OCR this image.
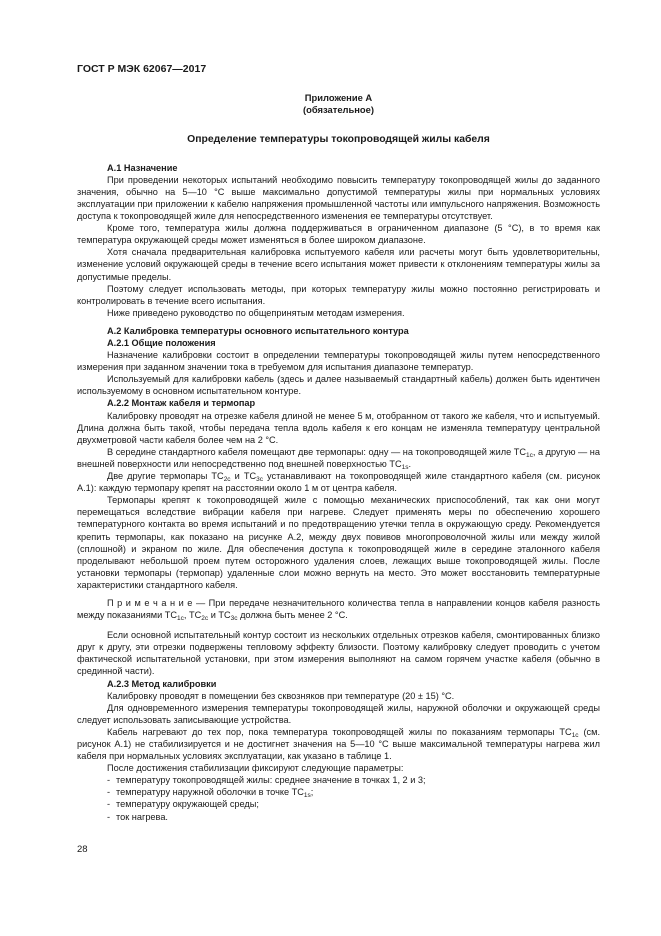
ГОСТ Р МЭК 62067—2017
Приложение А
(обязательное)
Определение температуры токопроводящей жилы кабеля
А.1 Назначение

При проведении некоторых испытаний необходимо повысить температуру токопроводящей жилы до заданного значения, обычно на 5—10 °С выше максимально допустимой температуры жилы при нормальных условиях эксплуатации при приложении к кабелю напряжения промышленной частоты или импульсного напряжения. Возможность доступа к токопроводящей жиле для непосредственного изменения ее температуры отсутствует.

Кроме того, температура жилы должна поддерживаться в ограниченном диапазоне (5 °С), в то время как температура окружающей среды может изменяться в более широком диапазоне.

Хотя сначала предварительная калибровка испытуемого кабеля или расчеты могут быть удовлетворительны, изменение условий окружающей среды в течение всего испытания может привести к отклонениям температуры жилы за допустимые пределы.

Поэтому следует использовать методы, при которых температуру жилы можно постоянно регистрировать и контролировать в течение всего испытания.

Ниже приведено руководство по общепринятым методам измерения.

А.2 Калибровка температуры основного испытательного контура
А.2.1 Общие положения

Назначение калибровки состоит в определении температуры токопроводящей жилы путем непосредственного измерения при заданном значении тока в требуемом для испытания диапазоне температур.

Используемый для калибровки кабель (здесь и далее называемый стандартный кабель) должен быть идентичен используемому в основном испытательном контуре.

А.2.2 Монтаж кабеля и термопар

Калибровку проводят на отрезке кабеля длиной не менее 5 м, отобранном от такого же кабеля, что и испытуемый. Длина должна быть такой, чтобы передача тепла вдоль кабеля к его концам не изменяла температуру центральной двухметровой части кабеля более чем на 2 °С.

В середине стандартного кабеля помещают две термопары: одну — на токопроводящей жиле $ТС_{1с}$, а другую — на внешней поверхности или непосредственно под внешней поверхностью $ТС_{1s}$.

Две другие термопары $ТС_{2с}$ и $ТС_{3с}$ устанавливают на токопроводящей жиле стандартного кабеля (см. рисунок А.1): каждую термопару крепят на расстоянии около 1 м от центра кабеля.

Термопары крепят к токопроводящей жиле с помощью механических приспособлений, так как они могут перемещаться вследствие вибрации кабеля при нагреве. Следует применять меры по обеспечению хорошего температурного контакта во время испытаний и по предотвращению утечки тепла в окружающую среду. Рекомендуется крепить термопары, как показано на рисунке А.2, между двух повивов многопроволочной жилы или между жилой (сплошной) и экраном по жиле. Для обеспечения доступа к токопроводящей жиле в середине эталонного кабеля проделывают небольшой проем путем осторожного удаления слоев, лежащих выше токопроводящей жилы. После установки термопары (термопар) удаленные слои можно вернуть на место. Это может восстановить температурные характеристики стандартного кабеля.

П р и м е ч а н и е — При передаче незначительного количества тепла в направлении концов кабеля разность между показаниями $ТС_{1с}$, $ТС_{2с}$ и $ТС_{3с}$ должна быть менее 2 °С.

Если основной испытательный контур состоит из нескольких отдельных отрезков кабеля, смонтированных близко друг к другу, эти отрезки подвержены тепловому эффекту близости. Поэтому калибровку следует проводить с учетом фактической испытательной установки, при этом измерения выполняют на самом горячем участке кабеля (обычно в срединной части).

А.2.3 Метод калибровки

Калибровку проводят в помещении без сквозняков при температуре (20 ± 15) °С.

Для одновременного измерения температуры токопроводящей жилы, наружной оболочки и окружающей среды следует использовать записывающие устройства.

Кабель нагревают до тех пор, пока температура токопроводящей жилы по показаниям термопары $ТС_{1с}$ (см. рисунок А.1) не стабилизируется и не достигнет значения на 5—10 °С выше максимальной температуры нагрева жил кабеля при нормальных условиях эксплуатации, как указано в таблице 1.

После достижения стабилизации фиксируют следующие параметры:

- температуру токопроводящей жилы: среднее значение в точках 1, 2 и 3;
- температуру наружной оболочки в точке $ТС_{1s}$;
- температуру окружающей среды;
- ток нагрева.
28
